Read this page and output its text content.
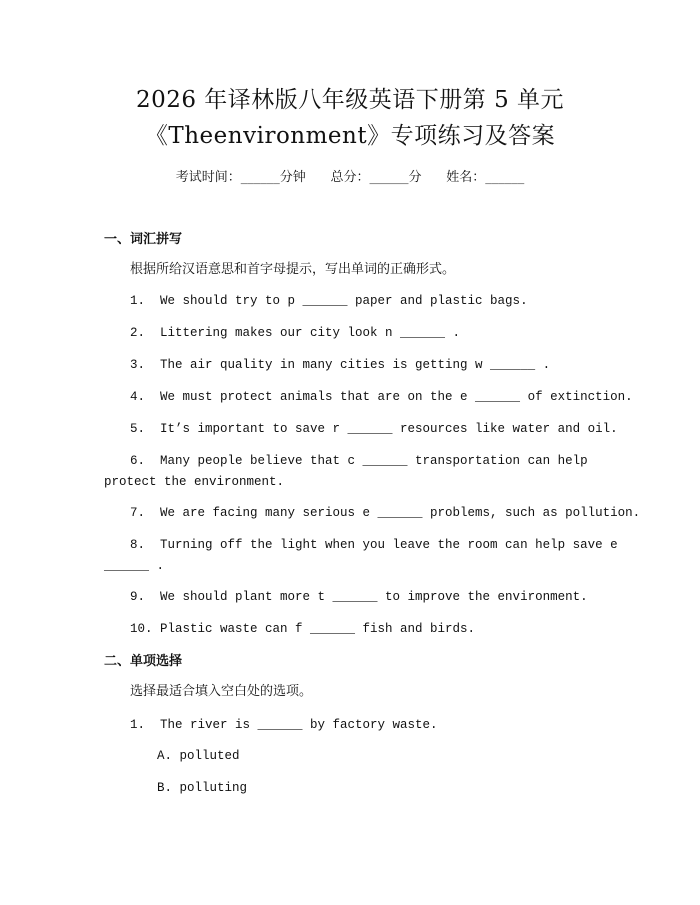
2026 年译林版八年级英语下册第 5 单元
《Theenvironment》专项练习及答案
考试时间：______分钟      总分：______分      姓名：______
一、词汇拼写
根据所给汉语意思和首字母提示，写出单词的正确形式。
1.  We should try to p ______ paper and plastic bags.
2.  Littering makes our city look n ______ .
3.  The air quality in many cities is getting w ______ .
4.  We must protect animals that are on the e ______ of extinction.
5.  It’s important to save r ______ resources like water and oil.
6.  Many people believe that c ______ transportation can help
protect the environment.
7.  We are facing many serious e ______ problems, such as pollution.
8.  Turning off the light when you leave the room can help save e
______ .
9.  We should plant more t ______ to improve the environment.
10. Plastic waste can f ______ fish and birds.
二、单项选择
选择最适合填入空白处的选项。
1.  The river is ______ by factory waste.
A. polluted
B. polluting
